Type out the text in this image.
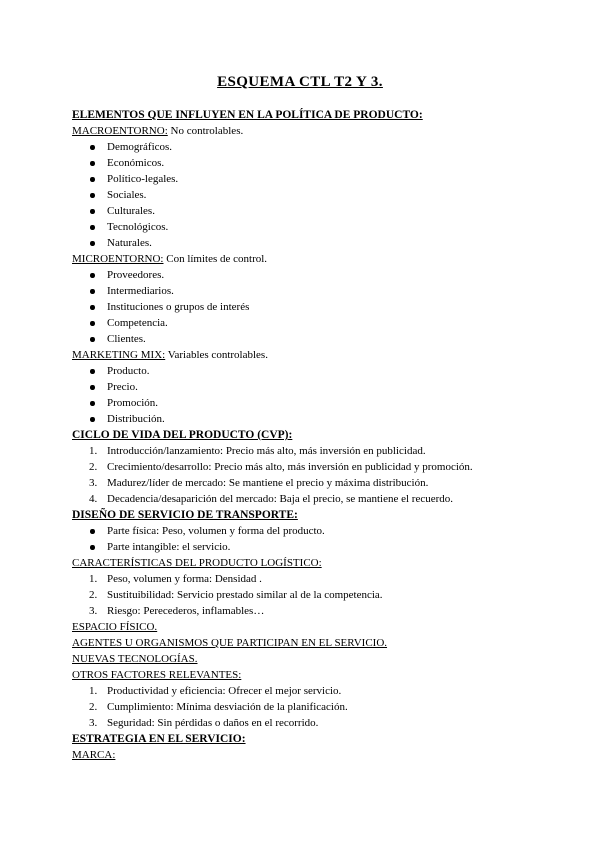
ESQUEMA CTL T2 Y 3.
ELEMENTOS QUE INFLUYEN EN LA POLÍTICA DE PRODUCTO:
MACROENTORNO: No controlables.
Demográficos.
Económicos.
Político-legales.
Sociales.
Culturales.
Tecnológicos.
Naturales.
MICROENTORNO: Con límites de control.
Proveedores.
Intermediarios.
Instituciones o grupos de interés
Competencia.
Clientes.
MARKETING MIX: Variables controlables.
Producto.
Precio.
Promoción.
Distribución.
CICLO DE VIDA DEL PRODUCTO (CVP):
1. Introducción/lanzamiento: Precio más alto, más inversión en publicidad.
2. Crecimiento/desarrollo: Precio más alto, más inversión en publicidad y promoción.
3. Madurez/líder de mercado: Se mantiene el precio y máxima distribución.
4. Decadencia/desaparición del mercado: Baja el precio, se mantiene el recuerdo.
DISEÑO DE SERVICIO DE TRANSPORTE:
Parte física: Peso, volumen y forma del producto.
Parte intangible: el servicio.
CARACTERÍSTICAS DEL PRODUCTO LOGÍSTICO:
1. Peso, volumen y forma: Densidad .
2. Sustituibilidad: Servicio prestado similar al de la competencia.
3. Riesgo: Perecederos, inflamables…
ESPACIO FÍSICO.
AGENTES U ORGANISMOS QUE PARTICIPAN EN EL SERVICIO.
NUEVAS TECNOLOGÍAS.
OTROS FACTORES RELEVANTES:
1. Productividad y eficiencia: Ofrecer el mejor servicio.
2. Cumplimiento: Mínima desviación de la planificación.
3. Seguridad: Sin pérdidas o daños en el recorrido.
ESTRATEGIA EN EL SERVICIO:
MARCA:
